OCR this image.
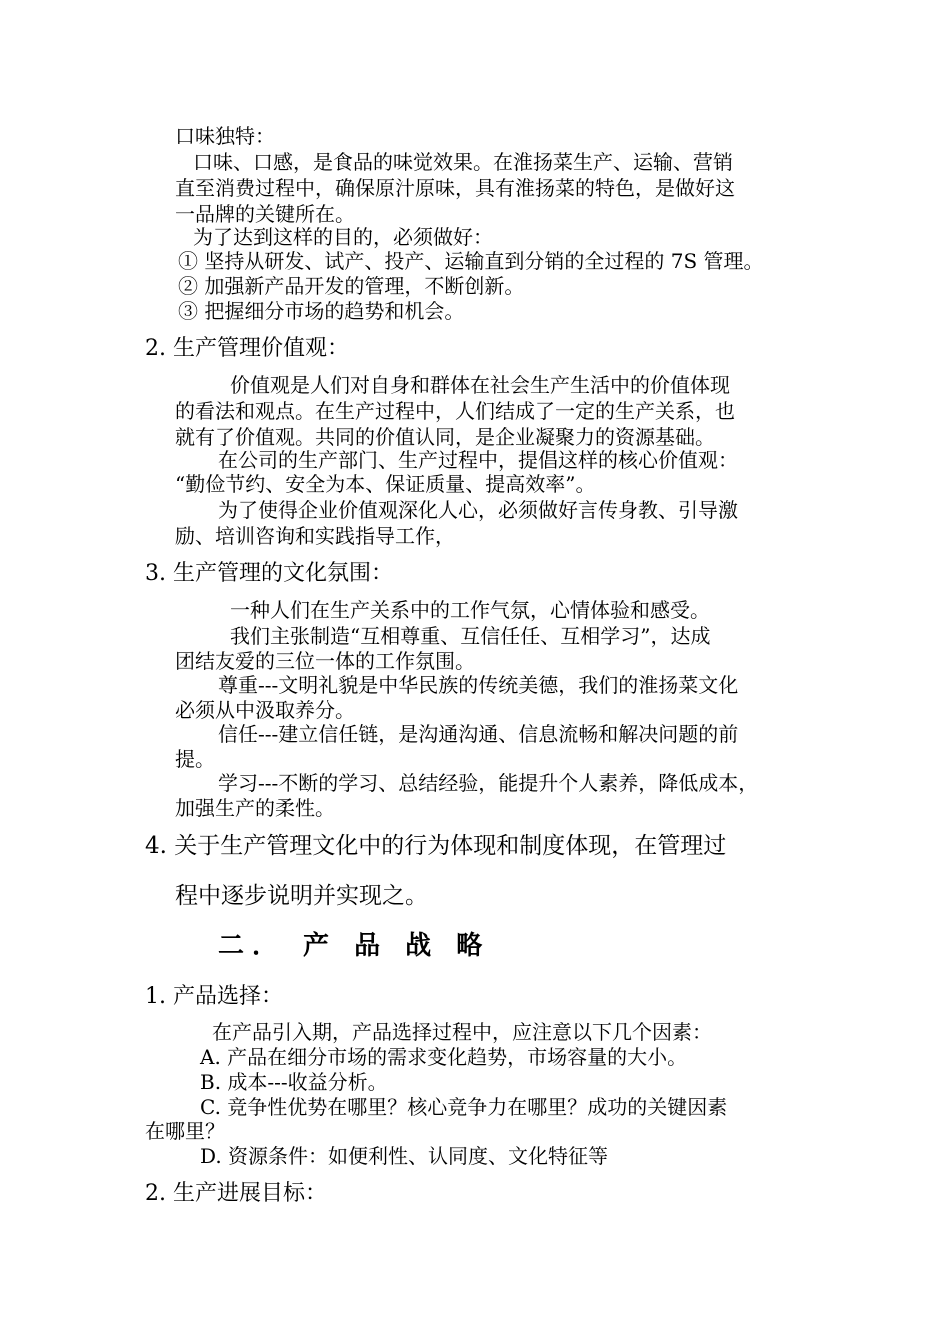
口味独特：
口味、口感，是食品的味觉效果。在淮扬菜生产、运输、营销
直至消费过程中，确保原汁原味，具有淮扬菜的特色，是做好这
一品牌的关键所在。
为了达到这样的目的，必须做好：
① 坚持从研发、试产、投产、运输直到分销的全过程的 7S 管理。
② 加强新产品开发的管理，不断创新。
③ 把握细分市场的趋势和机会。
2. 生产管理价值观：
价值观是人们对自身和群体在社会生产生活中的价值体现
的看法和观点。在生产过程中，人们结成了一定的生产关系，也
就有了价值观。共同的价值认同，是企业凝聚力的资源基础。
在公司的生产部门、生产过程中，提倡这样的核心价值观：
“勤俭节约、安全为本、保证质量、提高效率”。
为了使得企业价值观深化人心，必须做好言传身教、引导激
励、培训咨询和实践指导工作，
3. 生产管理的文化氛围：
一种人们在生产关系中的工作气氛，心情体验和感受。
我们主张制造“互相尊重、互信任任、互相学习”，达成
团结友爱的三位一体的工作氛围。
尊重---文明礼貌是中华民族的传统美德，我们的淮扬菜文化
必须从中汲取养分。
信任---建立信任链，是沟通沟通、信息流畅和解决问题的前
提。
学习---不断的学习、总结经验，能提升个人素养，降低成本，
加强生产的柔性。
4. 关于生产管理文化中的行为体现和制度体现，在管理过
程中逐步说明并实现之。
二． 产 品 战 略
1. 产品选择：
在产品引入期，产品选择过程中，应注意以下几个因素：
A. 产品在细分市场的需求变化趋势，市场容量的大小。
B. 成本---收益分析。
C. 竞争性优势在哪里？核心竞争力在哪里？成功的关键因素
在哪里？
D. 资源条件：如便利性、认同度、文化特征等
2. 生产进展目标：
